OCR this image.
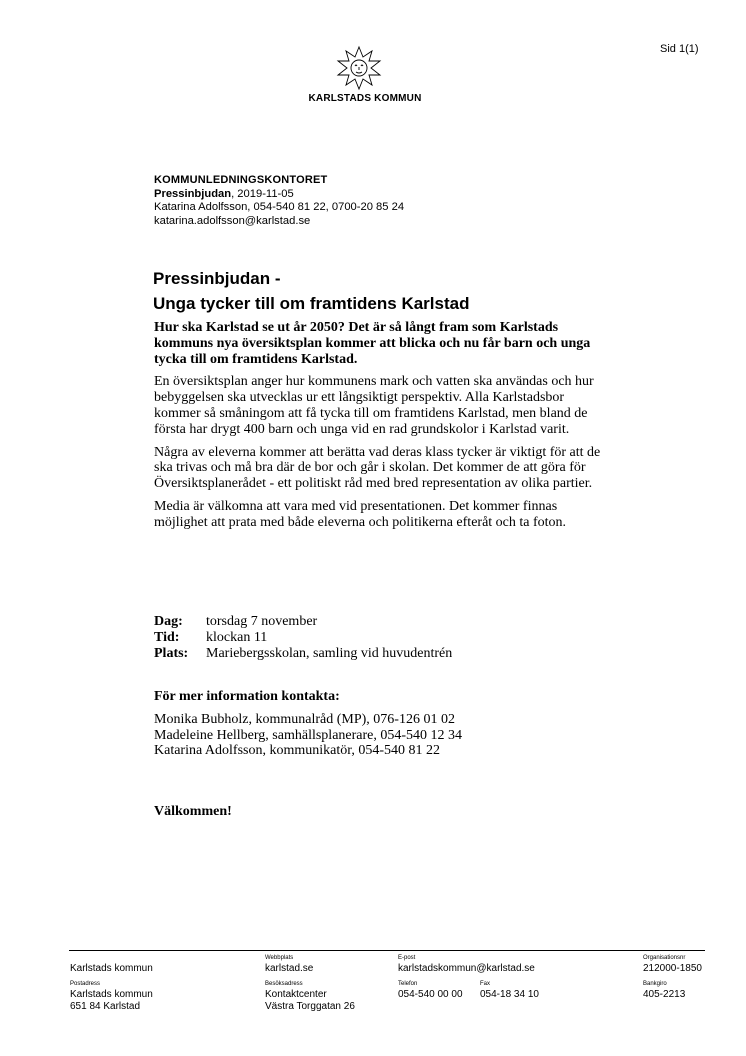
Sid 1(1)
KARLSTADS KOMMUN
KOMMUNLEDNINGSKONTORET
Pressinbjudan, 2019-11-05
Katarina Adolfsson, 054-540 81 22, 0700-20 85 24
katarina.adolfsson@karlstad.se
Pressinbjudan -
Unga tycker till om framtidens Karlstad

Hur ska Karlstad se ut år 2050? Det är så långt fram som Karlstads kommuns nya översiktsplan kommer att blicka och nu får barn och unga tycka till om framtidens Karlstad.

En översiktsplan anger hur kommunens mark och vatten ska användas och hur bebyggelsen ska utvecklas ur ett långsiktigt perspektiv. Alla Karlstadsbor kommer så småningom att få tycka till om framtidens Karlstad, men bland de första har drygt 400 barn och unga vid en rad grundskolor i Karlstad varit.

Några av eleverna kommer att berätta vad deras klass tycker är viktigt för att de ska trivas och må bra där de bor och går i skolan. Det kommer de att göra för Översiktsplanerådet - ett politiskt råd med bred representation av olika partier.

Media är välkomna att vara med vid presentationen. Det kommer finnas möjlighet att prata med både eleverna och politikerna efteråt och ta foton.

Dag:	torsdag 7 november
Tid:	klockan 11
Plats:	Mariebergsskolan, samling vid huvudentrén
För mer information kontakta:
Monika Bubholz, kommunalråd (MP), 076-126 01 02
Madeleine Hellberg, samhällsplanerare, 054-540 12 34
Katarina Adolfsson, kommunikatör, 054-540 81 22
Välkommen!
Karlstads kommun
Webbplats
karlstad.se
E-post
karlstadskommun@karlstad.se
Organisationsnr
212000-1850
Postadress
Karlstads kommun
651 84 Karlstad
Besöksadress
Kontaktcenter
Västra Torggatan 26
Telefon
054-540 00 00
Fax
054-18 34 10
Bankgiro
405-2213
